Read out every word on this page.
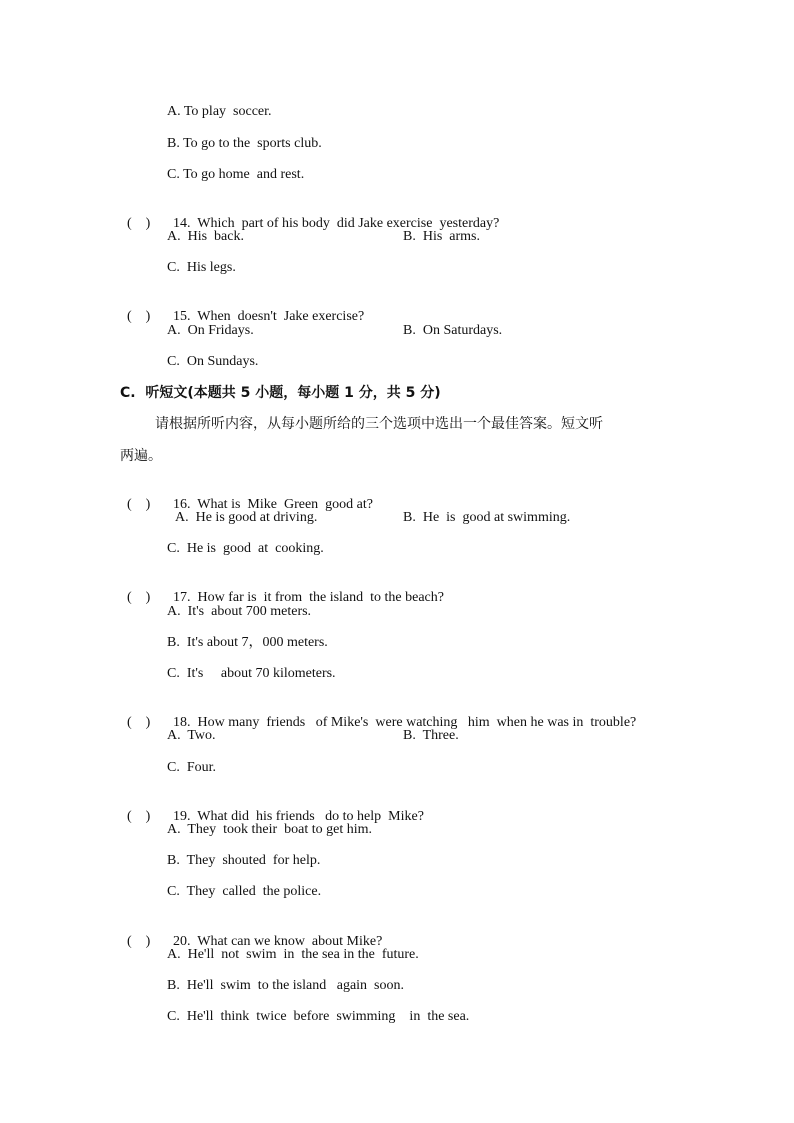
A. To play  soccer.
B. To go to the  sports club.
C. To go home  and rest.

(    ) 14.  Which  part of his body  did Jake exercise  yesterday?

A.  His  back.	B.  His  arms.
C.  His legs.

(    ) 15.  When  doesn't  Jake exercise?

A.  On Fridays.	B.  On Saturdays.
C.  On Sundays.
C.  听短文(本题共 5 小题，每小题 1 分，共 5 分)
请根据所听内容，从每小题所给的三个选项中选出一个最佳答案。短文听
两遍。

(    ) 16.  What is  Mike  Green  good at?

A.  He is good at driving.	B.  He  is  good at swimming.
C.  He is  good  at  cooking.

(    ) 17.  How far is  it from  the island  to the beach?

A.  It's  about 700 meters.
B.  It's about 7，000 meters.
C.  It's     about 70 kilometers.

(    ) 18.  How many  friends   of Mike's  were watching   him  when he was in  trouble?

A.  Two.	B.  Three.
C.  Four.

(    ) 19.  What did  his friends   do to help  Mike?

A.  They  took their  boat to get him.
B.  They  shouted  for help.
C.  They  called  the police.

(    ) 20.  What can we know  about Mike?

A.  He'll  not  swim  in  the sea in the  future.
B.  He'll  swim  to the island   again  soon.
C.  He'll  think  twice  before  swimming    in  the sea.
